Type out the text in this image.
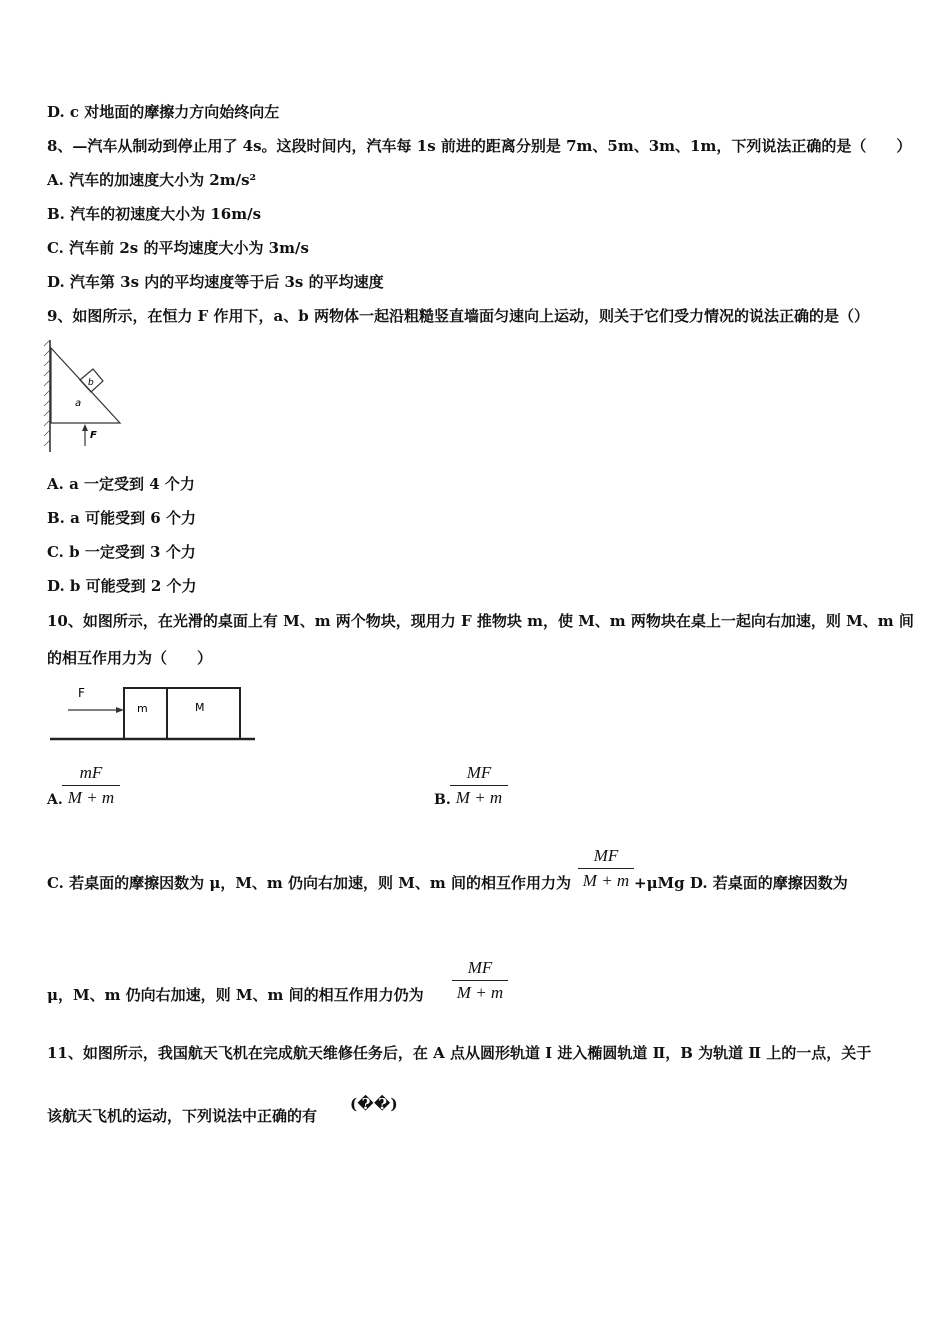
D. c 对地面的摩擦力方向始终向左
8、—汽车从制动到停止用了 4s。这段时间内，汽车每 1s 前进的距离分别是 7m、5m、3m、1m，下列说法正确的是（　　）
A. 汽车的加速度大小为 2m/s²
B. 汽车的初速度大小为 16m/s
C. 汽车前 2s 的平均速度大小为 3m/s
D. 汽车第 3s 内的平均速度等于后 3s 的平均速度
9、如图所示，在恒力 F 作用下，a、b 两物体一起沿粗糙竖直墙面匀速向上运动，则关于它们受力情况的说法正确的是（）
b
a
F
A. a 一定受到 4 个力
B. a 可能受到 6 个力
C. b 一定受到 3 个力
D. b 可能受到 2 个力
10、如图所示，在光滑的桌面上有 M、m 两个物块，现用力 F 推物块 m，使 M、m 两物块在桌上一起向右加速，则 M、m 间
的相互作用力为（　　）
F
m	M
A.
mF
M + m	B.
MF
M + m
C. 若桌面的摩擦因数为 μ，M、m 仍向右加速，则 M、m 间的相互作用力为
MF
M + m +μMg D. 若桌面的摩擦因数为
μ，M、m 仍向右加速，则 M、m 间的相互作用力仍为
MF
M + m
11、如图所示，我国航天飞机在完成航天维修任务后，在 A 点从圆形轨道 Ⅰ 进入椭圆轨道 Ⅱ，B 为轨道 Ⅱ 上的一点，关于
该航天飞机的运动，下列说法中正确的有
(��)
